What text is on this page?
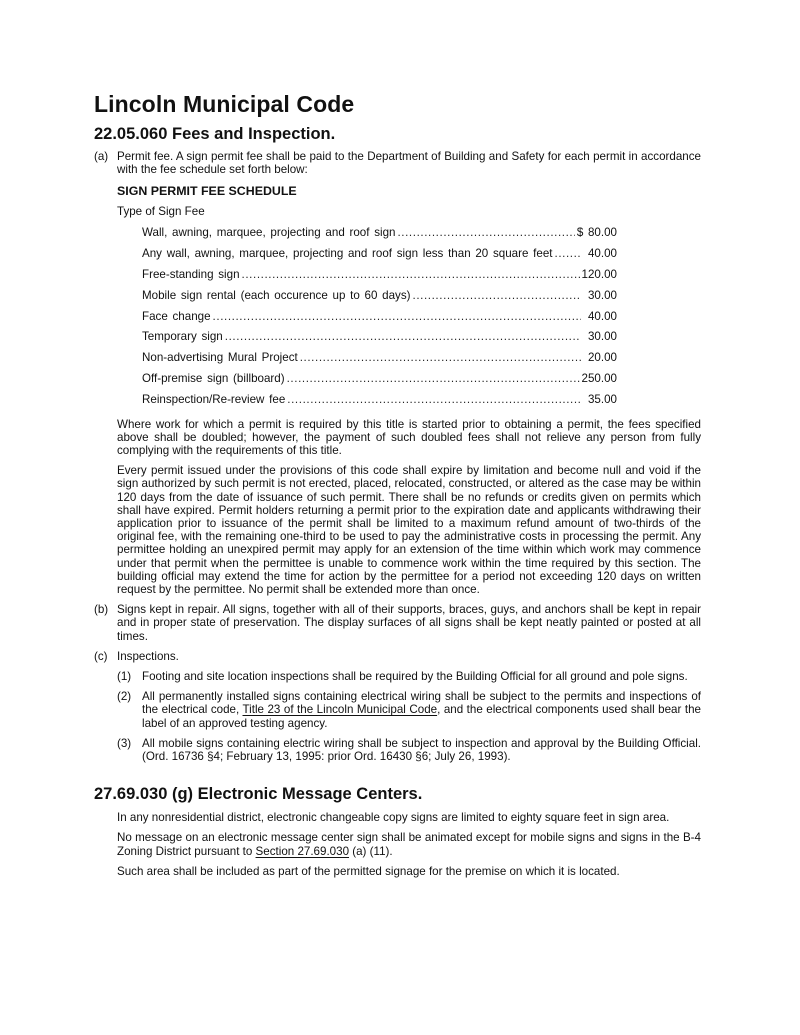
Lincoln Municipal Code
22.05.060 Fees and Inspection.
(a) Permit fee. A sign permit fee shall be paid to the Department of Building and Safety for each permit in accordance with the fee schedule set forth below:
SIGN PERMIT FEE SCHEDULE
Type of Sign Fee
Wall, awning, marquee, projecting and roof sign .....	$ 80.00
Any wall, awning, marquee, projecting and roof sign less than 20 square feet .....	40.00
Free-standing sign .....	120.00
Mobile sign rental (each occurence up to 60 days) .....	30.00
Face change .....	40.00
Temporary sign .....	30.00
Non-advertising Mural Project .....	20.00
Off-premise sign (billboard) .....	250.00
Reinspection/Re-review fee .....	35.00

Where work for which a permit is required by this title is started prior to obtaining a permit, the fees specified above shall be doubled; however, the payment of such doubled fees shall not relieve any person from fully complying with the requirements of this title.

Every permit issued under the provisions of this code shall expire by limitation and become null and void if the sign authorized by such permit is not erected, placed, relocated, constructed, or altered as the case may be within 120 days from the date of issuance of such permit. There shall be no refunds or credits given on permits which shall have expired. Permit holders returning a permit prior to the expiration date and applicants withdrawing their application prior to issuance of the permit shall be limited to a maximum refund amount of two-thirds of the original fee, with the remaining one-third to be used to pay the administrative costs in processing the permit. Any permittee holding an unexpired permit may apply for an extension of the time within which work may commence under that permit when the permittee is unable to commence work within the time required by this section. The building official may extend the time for action by the permittee for a period not exceeding 120 days on written request by the permittee. No permit shall be extended more than once.

(b) Signs kept in repair. All signs, together with all of their supports, braces, guys, and anchors shall be kept in repair and in proper state of preservation. The display surfaces of all signs shall be kept neatly painted or posted at all times.
(c) Inspections.
(1) Footing and site location inspections shall be required by the Building Official for all ground and pole signs.
(2) All permanently installed signs containing electrical wiring shall be subject to the permits and inspections of the electrical code, Title 23 of the Lincoln Municipal Code, and the electrical components used shall bear the label of an approved testing agency.
(3) All mobile signs containing electric wiring shall be subject to inspection and approval by the Building Official. (Ord. 16736 §4; February 13, 1995: prior Ord. 16430 §6; July 26, 1993).
27.69.030 (g) Electronic Message Centers.

In any nonresidential district, electronic changeable copy signs are limited to eighty square feet in sign area.

No message on an electronic message center sign shall be animated except for mobile signs and signs in the B-4 Zoning District pursuant to Section 27.69.030 (a) (11).

Such area shall be included as part of the permitted signage for the premise on which it is located.
